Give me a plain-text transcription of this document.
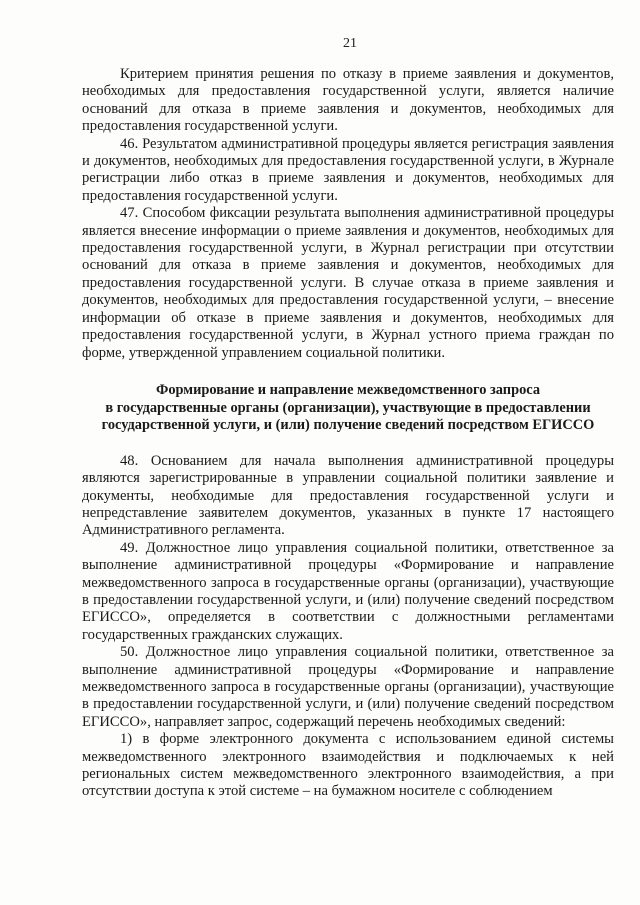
21

Критерием принятия решения по отказу в приеме заявления и документов, необходимых для предоставления государственной услуги, является наличие оснований для отказа в приеме заявления и документов, необходимых для предоставления государственной услуги.

46. Результатом административной процедуры является регистрация заявления и документов, необходимых для предоставления государственной услуги, в Журнале регистрации либо отказ в приеме заявления и документов, необходимых для предоставления государственной услуги.

47. Способом фиксации результата выполнения административной процедуры является внесение информации о приеме заявления и документов, необходимых для предоставления государственной услуги, в Журнал регистрации при отсутствии оснований для отказа в приеме заявления и документов, необходимых для предоставления государственной услуги. В случае отказа в приеме заявления и документов, необходимых для предоставления государственной услуги, – внесение информации об отказе в приеме заявления и документов, необходимых для предоставления государственной услуги, в Журнал устного приема граждан по форме, утвержденной управлением социальной политики.

Формирование и направление межведомственного запроса
в государственные органы (организации), участвующие в предоставлении
государственной услуги, и (или) получение сведений посредством ЕГИССО

48. Основанием для начала выполнения административной процедуры являются зарегистрированные в управлении социальной политики заявление и документы, необходимые для предоставления государственной услуги и непредставление заявителем документов, указанных в пункте 17 настоящего Административного регламента.

49. Должностное лицо управления социальной политики, ответственное за выполнение административной процедуры «Формирование и направление межведомственного запроса в государственные органы (организации), участвующие в предоставлении государственной услуги, и (или) получение сведений посредством ЕГИССО», определяется в соответствии с должностными регламентами государственных гражданских служащих.

50. Должностное лицо управления социальной политики, ответственное за выполнение административной процедуры «Формирование и направление межведомственного запроса в государственные органы (организации), участвующие в предоставлении государственной услуги, и (или) получение сведений посредством ЕГИССО», направляет запрос, содержащий перечень необходимых сведений:

1) в форме электронного документа с использованием единой системы межведомственного электронного взаимодействия и подключаемых к ней региональных систем межведомственного электронного взаимодействия, а при отсутствии доступа к этой системе – на бумажном носителе с соблюдением
